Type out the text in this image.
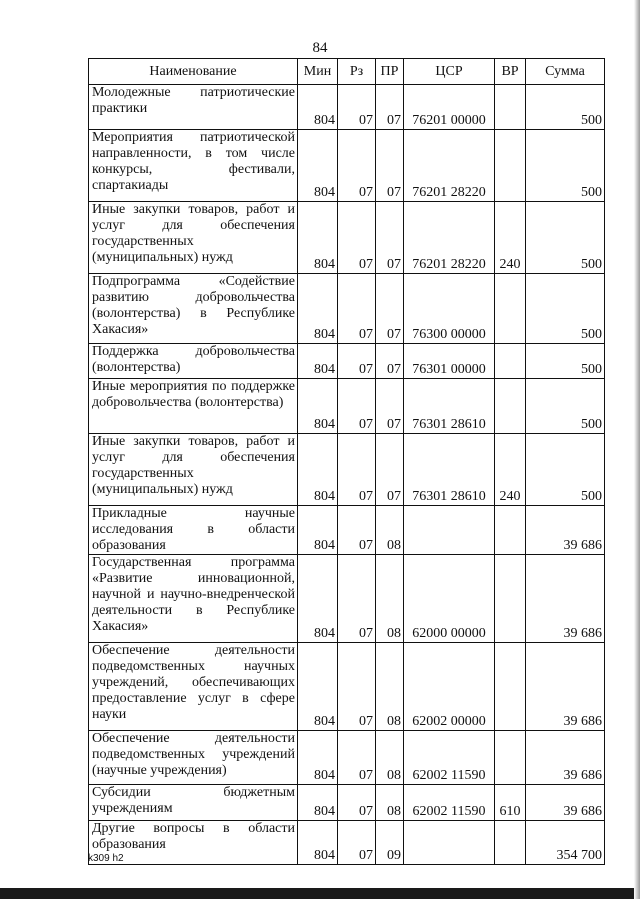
84
Наименование	Мин	Рз	ПР	ЦСР	ВР	Сумма
Молодежные патриотические практики	804	07	07	76201 00000		500
Мероприятия патриотической направленности, в том числе конкурсы, фестивали, спартакиады	804	07	07	76201 28220		500
Иные закупки товаров, работ и услуг для обеспечения государственных (муниципальных) нужд	804	07	07	76201 28220	240	500
Подпрограмма «Содействие развитию добровольчества (волонтерства) в Республике Хакасия»	804	07	07	76300 00000		500
Поддержка добровольчества (волонтерства)	804	07	07	76301 00000		500
Иные мероприятия по поддержке добровольчества (волонтерства)	804	07	07	76301 28610		500
Иные закупки товаров, работ и услуг для обеспечения государственных (муниципальных) нужд	804	07	07	76301 28610	240	500
Прикладные научные исследования в области образования	804	07	08			39 686
Государственная программа «Развитие инновационной, научной и научно-внедренческой деятельности в Республике Хакасия»	804	07	08	62000 00000		39 686
Обеспечение деятельности подведомственных научных учреждений, обеспечивающих предоставление услуг в сфере науки	804	07	08	62002 00000		39 686
Обеспечение деятельности подведомственных учреждений (научные учреждения)	804	07	08	62002 11590		39 686
Субсидии бюджетным учреждениям	804	07	08	62002 11590	610	39 686
Другие вопросы в области образования	804	07	09			354 700
k309 h2
